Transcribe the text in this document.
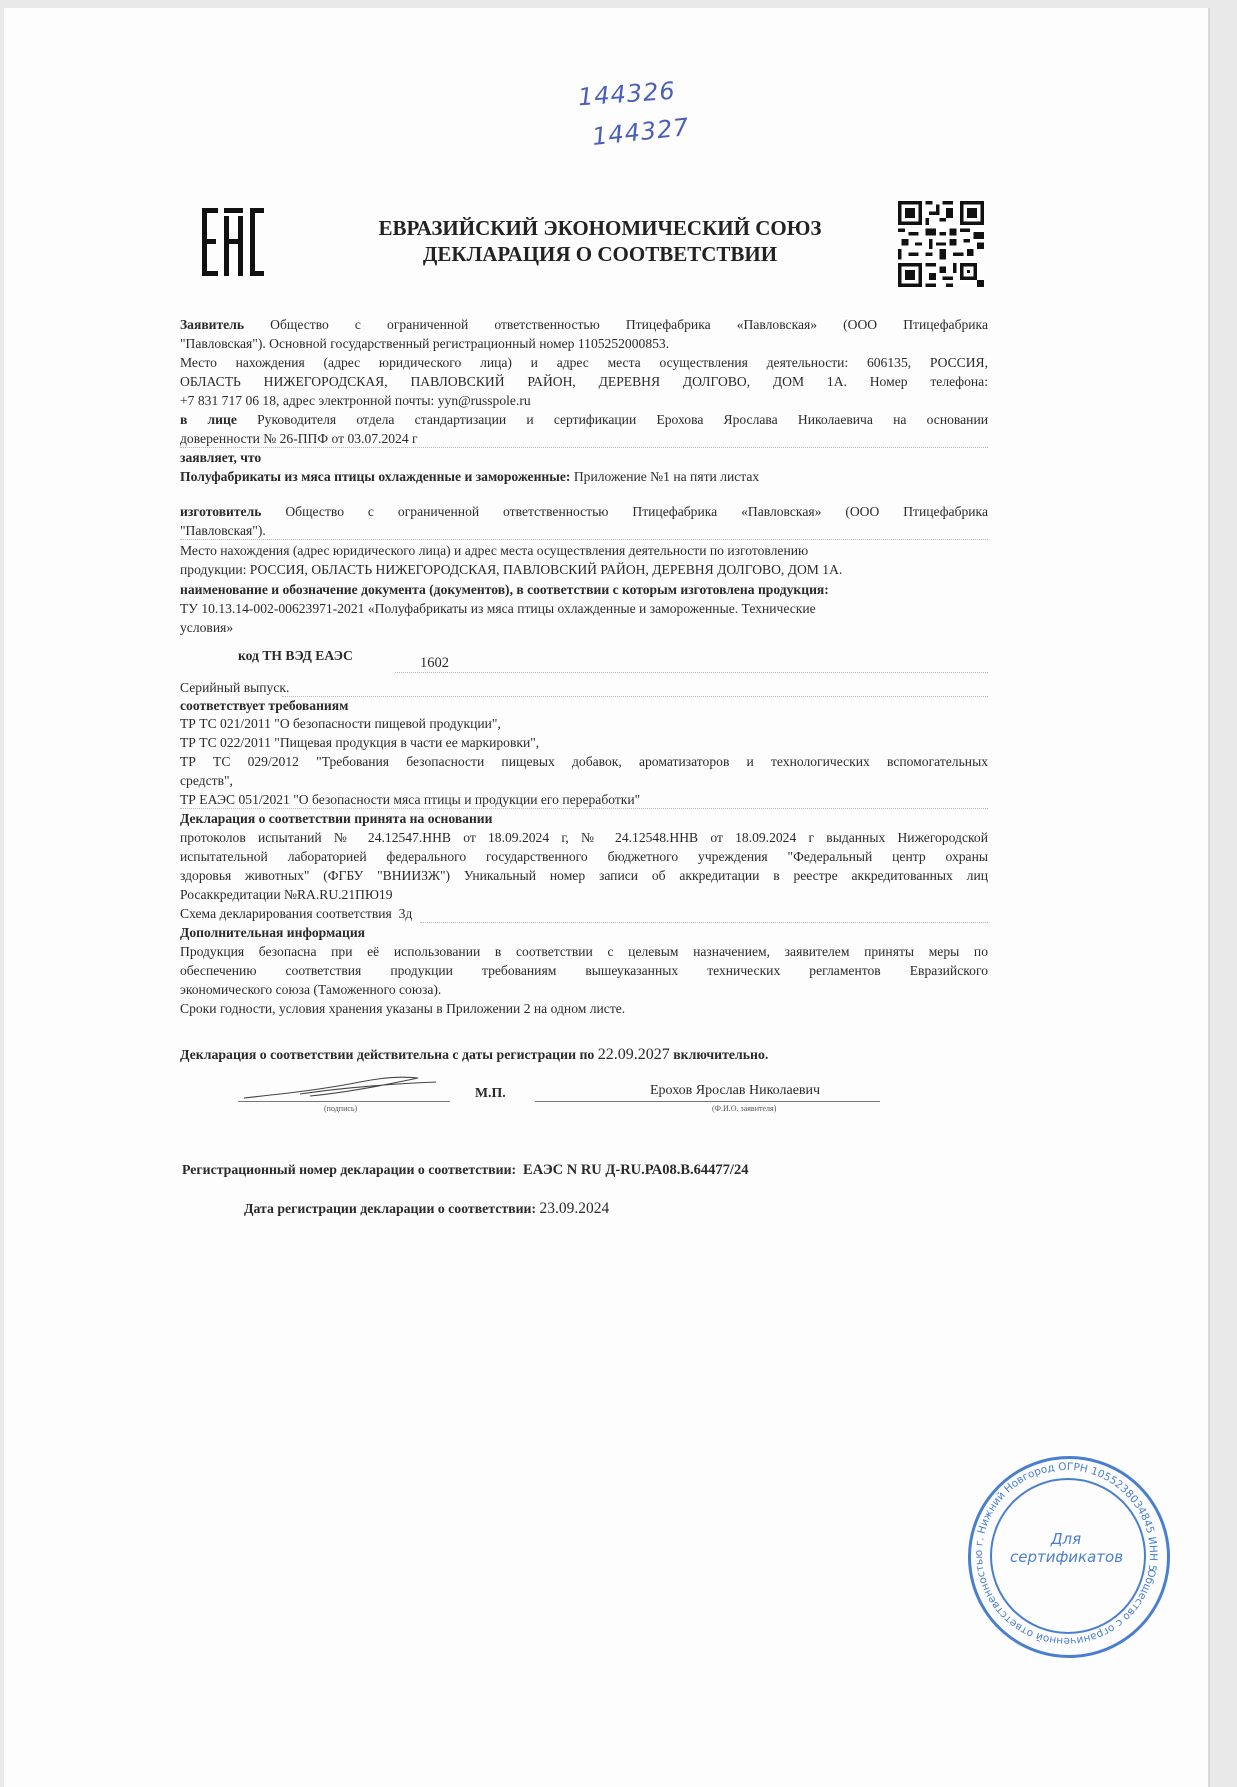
144326
144327
ЕВРАЗИЙСКИЙ ЭКОНОМИЧЕСКИЙ СОЮЗ
ДЕКЛАРАЦИЯ О СООТВЕТСТВИИ
Заявитель Общество с ограниченной ответственностью Птицефабрика «Павловская» (ООО Птицефабрика
"Павловская"). Основной государственный регистрационный номер 1105252000853.
Место нахождения (адрес юридического лица) и адрес места осуществления деятельности: 606135, РОССИЯ,
ОБЛАСТЬ НИЖЕГОРОДСКАЯ, ПАВЛОВСКИЙ РАЙОН, ДЕРЕВНЯ ДОЛГОВО, ДОМ 1А. Номер телефона:
+7 831 717 06 18, адрес электронной почты: yyn@russpole.ru
в лице Руководителя отдела стандартизации и сертификации Ерохова Ярослава Николаевича на основании
доверенности № 26-ППФ от 03.07.2024 г
заявляет, что
Полуфабрикаты из мяса птицы охлажденные и замороженные: Приложение №1 на пяти листах
изготовитель Общество с ограниченной ответственностью Птицефабрика «Павловская» (ООО Птицефабрика
"Павловская").
Место нахождения (адрес юридического лица) и адрес места осуществления деятельности по изготовлению
продукции: РОССИЯ, ОБЛАСТЬ НИЖЕГОРОДСКАЯ, ПАВЛОВСКИЙ РАЙОН, ДЕРЕВНЯ ДОЛГОВО, ДОМ 1А.
наименование и обозначение документа (документов), в соответствии с которым изготовлена продукция:
ТУ 10.13.14-002-00623971-2021 «Полуфабрикаты из мяса птицы охлажденные и замороженные. Технические
условия»
код ТН ВЭД ЕАЭС	1602
Серийный выпуск.
соответствует требованиям
ТР ТС 021/2011 "О безопасности пищевой продукции",
ТР ТС 022/2011 "Пищевая продукция в части ее маркировки",
ТР ТС 029/2012 "Требования безопасности пищевых добавок, ароматизаторов и технологических вспомогательных
средств",
ТР ЕАЭС 051/2021 "О безопасности мяса птицы и продукции его переработки"
Декларация о соответствии принята на основании
протоколов испытаний № 24.12547.ННВ от 18.09.2024 г, № 24.12548.ННВ от 18.09.2024 г выданных Нижегородской
испытательной лабораторией федерального государственного бюджетного учреждения "Федеральный центр охраны
здоровья животных" (ФГБУ "ВНИИЗЖ") Уникальный номер записи об аккредитации в реестре аккредитованных лиц
Росаккредитации №RA.RU.21ПЮ19
Схема декларирования соответствия 3д
Дополнительная информация
Продукция безопасна при её использовании в соответствии с целевым назначением, заявителем приняты меры по
обеспечению соответствия продукции требованиям вышеуказанных технических регламентов Евразийского
экономического союза (Таможенного союза).
Сроки годности, условия хранения указаны в Приложении 2 на одном листе.
Декларация о соответствии действительна с даты регистрации по 22.09.2027 включительно.
(подпись)
М.П.	Ерохов Ярослав Николаевич
(Ф.И.О. заявителя)
Регистрационный номер декларации о соответствии: ЕАЭС N RU Д-RU.РА08.В.64477/24
Дата регистрации декларации о соответствии: 23.09.2024
Общество с ограниченной ответственностью г. Нижний Новгород ОГРН 1055238034845 ИНН 5258054000
Для
сертификатов
